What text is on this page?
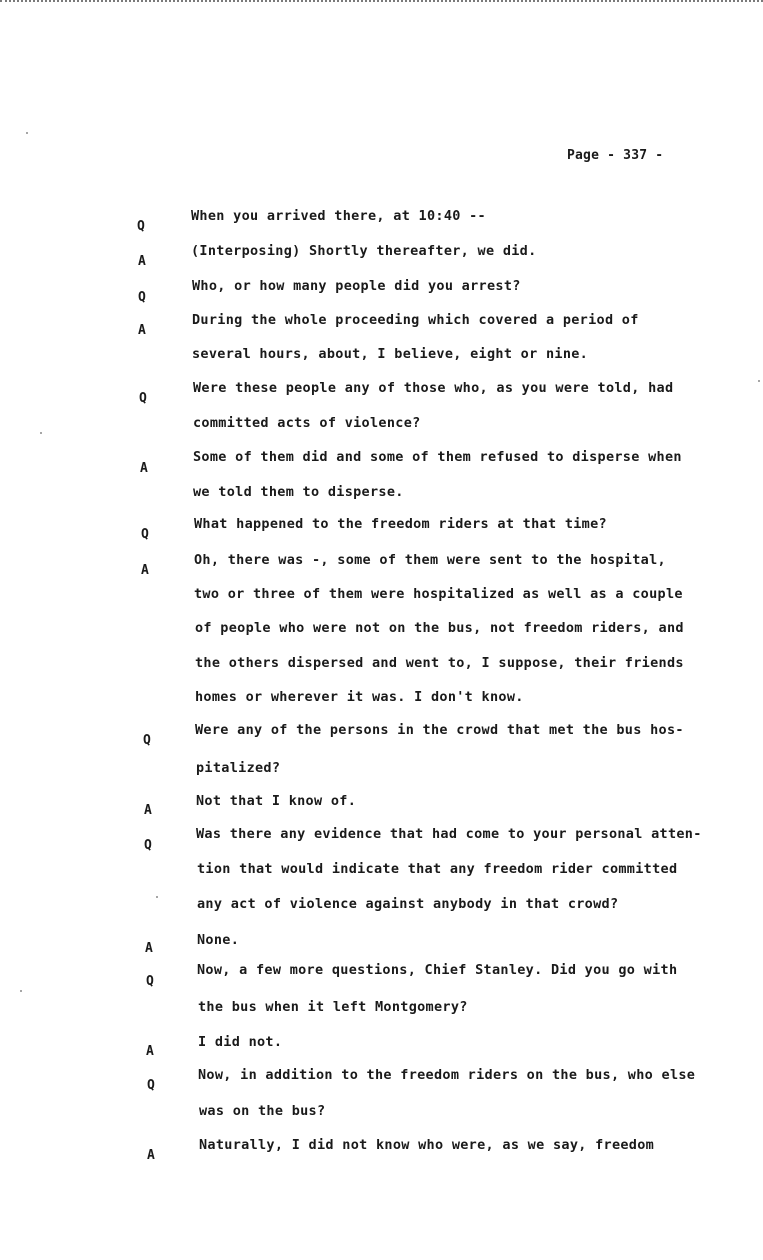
Page - 337 -
Q
When you arrived there, at 10:40 --
A
(Interposing) Shortly thereafter, we did.
Q
Who, or how many people did you arrest?
A
During the whole proceeding which covered a period of
several hours, about, I believe, eight or nine.
Q
Were these people any of those who, as you were told, had
committed acts of violence?
A
Some of them did and some of them refused to disperse when
we told them to disperse.
Q
What happened to the freedom riders at that time?
A
Oh, there was -, some of them were sent to the hospital,
two or three of them were hospitalized as well as a couple
of people who were not on the bus, not freedom riders, and
the others dispersed and went to, I suppose, their friends
homes or wherever it was. I don't know.
Q
Were any of the persons in the crowd that met the bus hos-
pitalized?
A
Not that I know of.
Q
Was there any evidence that had come to your personal atten-
tion that would indicate that any freedom rider committed
any act of violence against anybody in that crowd?
A
None.
Q
Now, a few more questions, Chief Stanley. Did you go with
the bus when it left Montgomery?
A
I did not.
Q
Now, in addition to the freedom riders on the bus, who else
was on the bus?
A
Naturally, I did not know who were, as we say, freedom
